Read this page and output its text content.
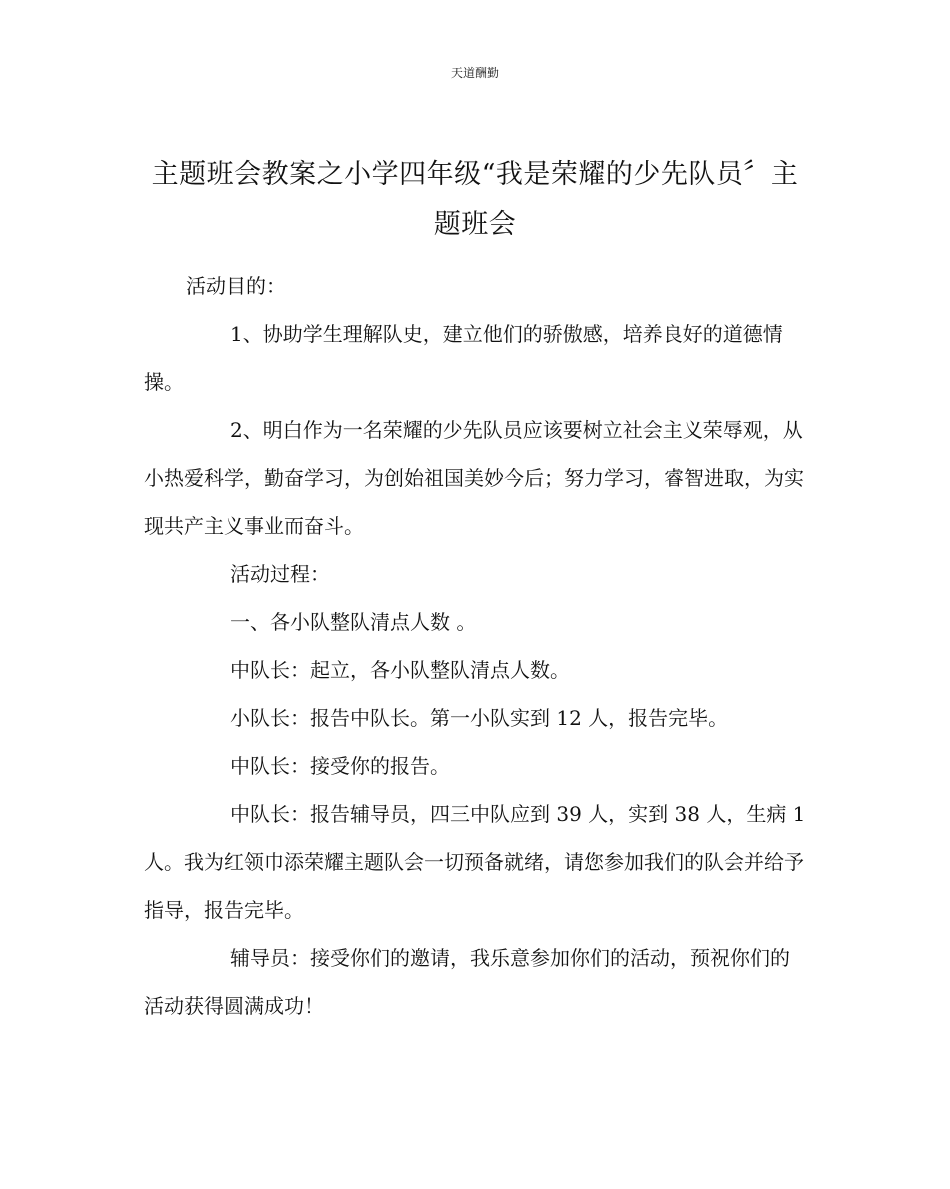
天道酬勤
主题班会教案之小学四年级“我是荣耀的少先队员〞主题班会

活动目的：

1、协助学生理解队史，建立他们的骄傲感，培养良好的道德情操。

2、明白作为一名荣耀的少先队员应该要树立社会主义荣辱观，从小热爱科学，勤奋学习，为创始祖国美妙今后；努力学习，睿智进取，为实现共产主义事业而奋斗。

活动过程：

一、各小队整队清点人数 。

中队长：起立，各小队整队清点人数。

小队长：报告中队长。第一小队实到 12 人，报告完毕。

中队长：接受你的报告。

中队长：报告辅导员，四三中队应到 39 人，实到 38 人，生病 1 人。我为红领巾添荣耀主题队会一切预备就绪，请您参加我们的队会并给予指导，报告完毕。

辅导员：接受你们的邀请，我乐意参加你们的活动，预祝你们的活动获得圆满成功！
